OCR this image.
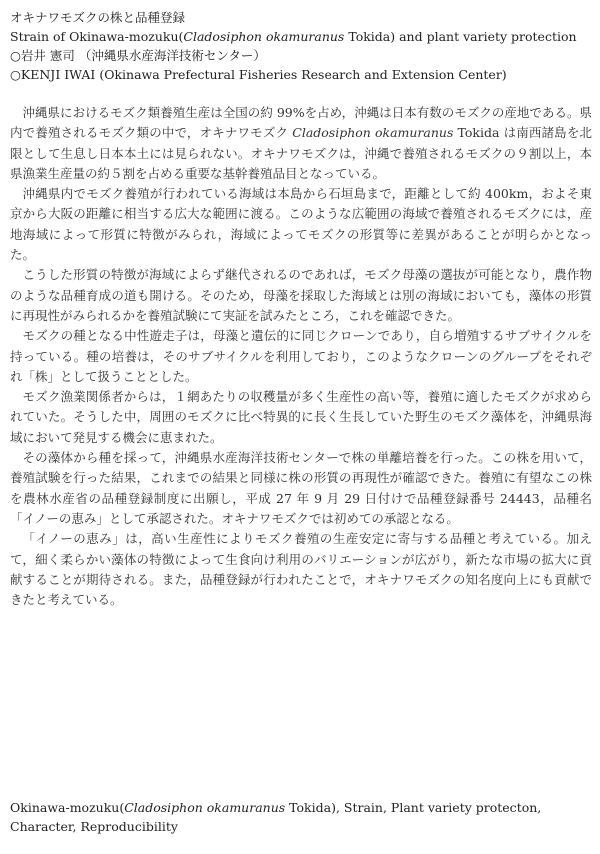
オキナワモズクの株と品種登録

Strain of Okinawa-mozuku(Cladosiphon okamuranus Tokida) and plant variety protection

○岩井 憲司 （沖縄県水産海洋技術センター）

○KENJI IWAI (Okinawa Prefectural Fisheries Research and Extension Center)

沖縄県におけるモズク類養殖生産は全国の約 99%を占め，沖縄は日本有数のモズクの産地である。県内で養殖されるモズク類の中で，オキナワモズク Cladosiphon okamuranus Tokida は南西諸島を北限として生息し日本本土には見られない。オキナワモズクは，沖縄で養殖されるモズクの９割以上，本県漁業生産量の約５割を占める重要な基幹養殖品目となっている。

沖縄県内でモズク養殖が行われている海域は本島から石垣島まで，距離として約 400km，およそ東京から大阪の距離に相当する広大な範囲に渡る。このような広範囲の海域で養殖されるモズクには，産地海域によって形質に特徴がみられ，海域によってモズクの形質等に差異があることが明らかとなった。

こうした形質の特徴が海域によらず継代されるのであれば，モズク母藻の選抜が可能となり，農作物のような品種育成の道も開ける。そのため，母藻を採取した海域とは別の海域においても，藻体の形質に再現性がみられるかを養殖試験にて実証を試みたところ，これを確認できた。

モズクの種となる中性遊走子は，母藻と遺伝的に同じクローンであり，自ら増殖するサブサイクルを持っている。種の培養は，そのサブサイクルを利用しており，このようなクローンのグループをそれぞれ「株」として扱うこととした。

モズク漁業関係者からは，１網あたりの収穫量が多く生産性の高い等，養殖に適したモズクが求められていた。そうした中，周囲のモズクに比べ特異的に長く生長していた野生のモズク藻体を，沖縄県海域において発見する機会に恵まれた。

その藻体から種を採って，沖縄県水産海洋技術センターで株の単離培養を行った。この株を用いて，養殖試験を行った結果，これまでの結果と同様に株の形質の再現性が確認できた。養殖に有望なこの株を農林水産省の品種登録制度に出願し，平成 27 年 9 月 29 日付けで品種登録番号 24443，品種名「イノーの恵み」として承認された。オキナワモズクでは初めての承認となる。

「イノーの恵み」は，高い生産性によりモズク養殖の生産安定に寄与する品種と考えている。加えて，細く柔らかい藻体の特徴によって生食向け利用のバリエーションが広がり，新たな市場の拡大に貢献することが期待される。また，品種登録が行われたことで，オキナワモズクの知名度向上にも貢献できたと考えている。

Okinawa-mozuku(Cladosiphon okamuranus Tokida), Strain, Plant variety protecton, Character, Reproducibility
